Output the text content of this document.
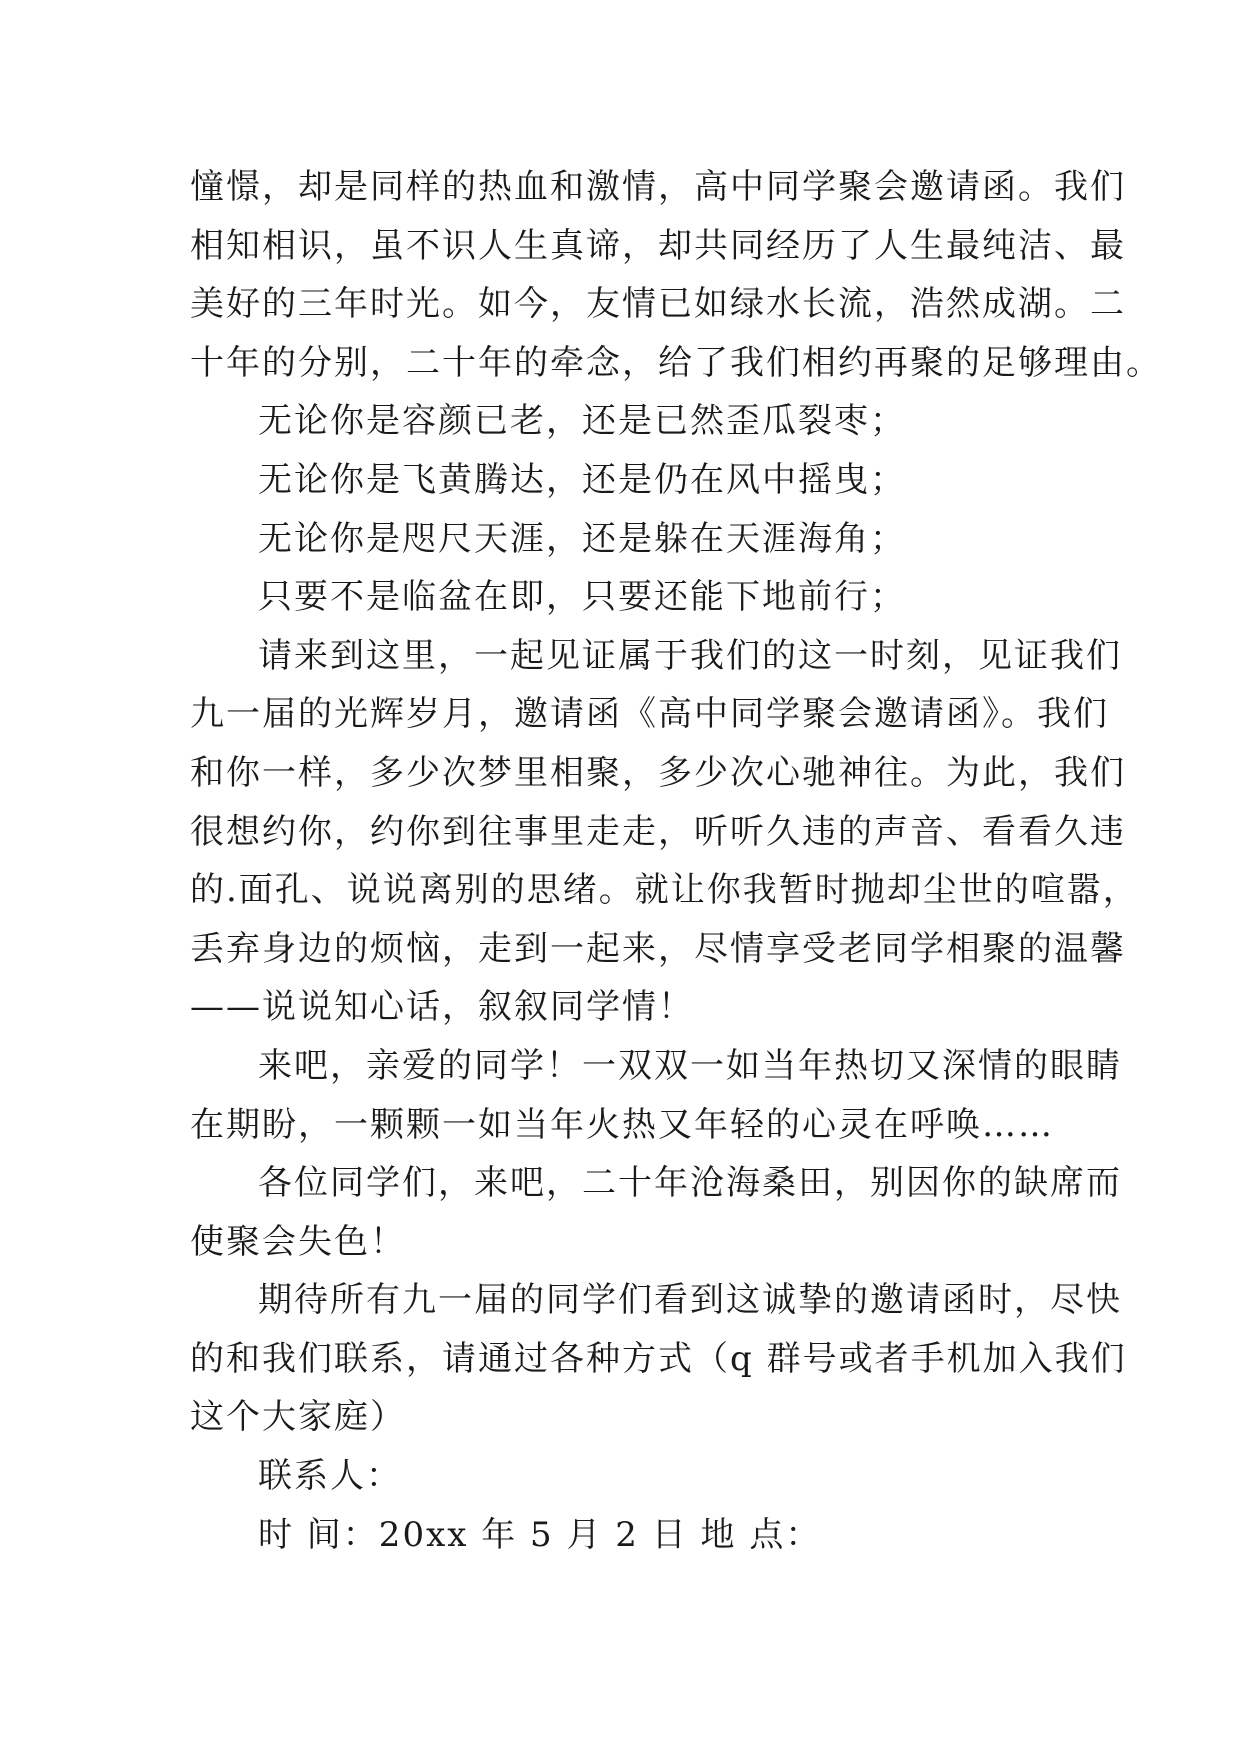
憧憬，却是同样的热血和激情，高中同学聚会邀请函。我们
相知相识，虽不识人生真谛，却共同经历了人生最纯洁、最
美好的三年时光。如今，友情已如绿水长流，浩然成湖。二
十年的分别，二十年的牵念，给了我们相约再聚的足够理由。
无论你是容颜已老，还是已然歪瓜裂枣；
无论你是飞黄腾达，还是仍在风中摇曳；
无论你是咫尺天涯，还是躲在天涯海角；
只要不是临盆在即，只要还能下地前行；
请来到这里，一起见证属于我们的这一时刻，见证我们
九一届的光辉岁月，邀请函《高中同学聚会邀请函》。我们
和你一样，多少次梦里相聚，多少次心驰神往。为此，我们
很想约你，约你到往事里走走，听听久违的声音、看看久违
的.面孔、说说离别的思绪。就让你我暂时抛却尘世的喧嚣，
丢弃身边的烦恼，走到一起来，尽情享受老同学相聚的温馨
——说说知心话，叙叙同学情！
来吧，亲爱的同学！一双双一如当年热切又深情的眼睛
在期盼，一颗颗一如当年火热又年轻的心灵在呼唤……
各位同学们，来吧，二十年沧海桑田，别因你的缺席而
使聚会失色！
期待所有九一届的同学们看到这诚挚的邀请函时，尽快
的和我们联系，请通过各种方式（q 群号或者手机加入我们
这个大家庭）
联系人：
时 间：20xx 年 5 月 2 日 地 点：
